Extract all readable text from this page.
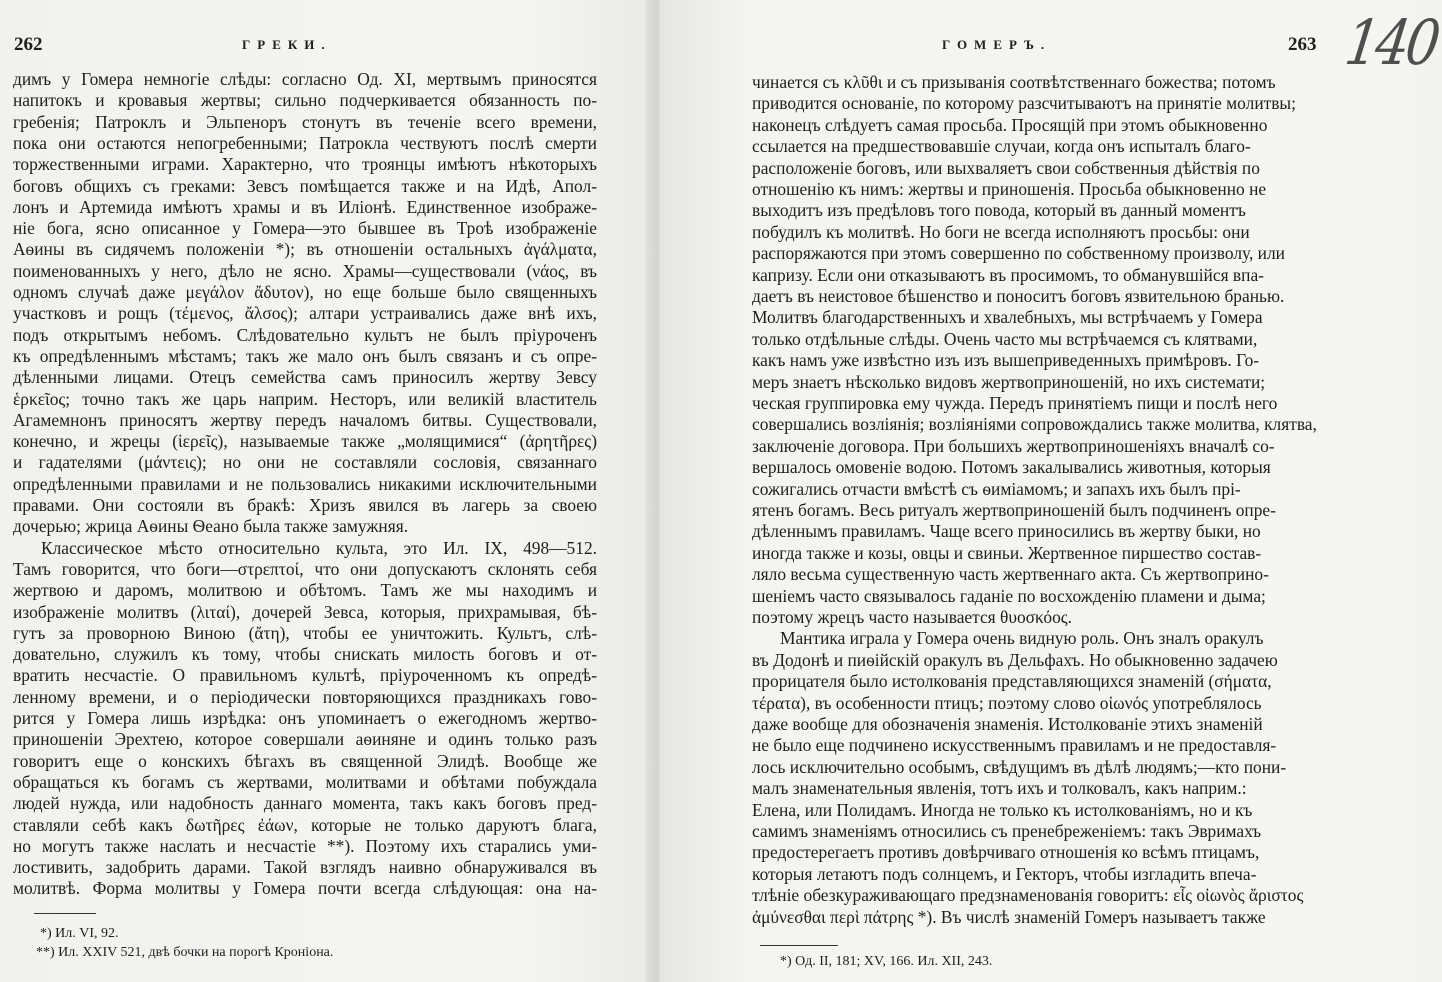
262	ГРЕКИ.
димъ у Гомера немногіе слѣды: согласно Од. XI, мертвымъ приносятся
напитокъ и кровавыя жертвы; сильно подчеркивается обязанность по-
гребенія; Патроклъ и Эльпеноръ стонутъ въ теченіе всего времени,
пока они остаются непогребенными; Патрокла чествуютъ послѣ смерти
торжественными играми. Характерно, что троянцы имѣютъ нѣкоторыхъ
боговъ общихъ съ греками: Зевсъ помѣщается также и на Идѣ, Апол-
лонъ и Артемида имѣютъ храмы и въ Иліонѣ. Единственное изображе-
ніе бога, ясно описанное у Гомера—это бывшее въ Троѣ изображеніе
Аѳины въ сидячемъ положеніи *); въ отношеніи остальныхъ ἀγάλματα,
поименованныхъ у него, дѣло не ясно. Храмы—существовали (νάος, въ
одномъ случаѣ даже μεγάλον ἄδυτον), но еще больше было священныхъ
участковъ и рощъ (τέμενος, ἄλσος); алтари устраивались даже внѣ ихъ,
подъ открытымъ небомъ. Слѣдовательно культъ не былъ пріуроченъ
къ опредѣленнымъ мѣстамъ; такъ же мало онъ былъ связанъ и съ опре-
дѣленными лицами. Отецъ семейства самъ приносилъ жертву Зевсу
ἑρκεῖος; точно такъ же царь наприм. Несторъ, или великій властитель
Агамемнонъ приносятъ жертву передъ началомъ битвы. Существовали,
конечно, и жрецы (ἱερεῖς), называемые также „молящимися“ (ἀρητῆρες)
и гадателями (μάντεις); но они не составляли сословія, связаннаго
опредѣленными правилами и не пользовались никакими исключительными
правами. Они состояли въ бракѣ: Хризъ явился въ лагерь за своею
дочерью; жрица Аѳины Ѳеано была также замужняя.
Классическое мѣсто относительно культа, это Ил. IX, 498—512.
Тамъ говорится, что боги—στρεπτοί, что они допускаютъ склонять себя
жертвою и даромъ, молитвою и обѣтомъ. Тамъ же мы находимъ и
изображеніе молитвъ (λιταί), дочерей Зевса, которыя, прихрамывая, бѣ-
гутъ за проворною Виною (ἄτη), чтобы ее уничтожить. Культъ, слѣ-
довательно, служилъ къ тому, чтобы снискать милость боговъ и от-
вратить несчастіе. О правильномъ культѣ, пріуроченномъ къ опредѣ-
ленному времени, и о періодически повторяющихся праздникахъ гово-
рится у Гомера лишь изрѣдка: онъ упоминаетъ о ежегодномъ жертво-
приношеніи Эрехтею, которое совершали аѳиняне и одинъ только разъ
говоритъ еще о конскихъ бѣгахъ въ священной Элидѣ. Вообще же
обращаться къ богамъ съ жертвами, молитвами и обѣтами побуждала
людей нужда, или надобность даннаго момента, такъ какъ боговъ пред-
ставляли себѣ какъ δωτῆρες ἐάων, которые не только даруютъ блага,
но могутъ также наслать и несчастіе **). Поэтому ихъ старались уми-
лостивить, задобрить дарами. Такой взглядъ наивно обнаруживался въ
молитвѣ. Форма молитвы у Гомера почти всегда слѣдующая: она на-
*) Ил. VI, 92.
**) Ил. XXIV 521, двѣ бочки на порогѣ Кроніона.
ГОМЕРЪ.	263
чинается съ κλῦθι и съ призыванія соотвѣтственнаго божества; потомъ
приводится основаніе, по которому разсчитываютъ на принятіе молитвы;
наконецъ слѣдуетъ самая просьба. Просящій при этомъ обыкновенно
ссылается на предшествовавшіе случаи, когда онъ испыталъ благо-
расположеніе боговъ, или выхваляетъ свои собственныя дѣйствія по
отношенію къ нимъ: жертвы и приношенія. Просьба обыкновенно не
выходитъ изъ предѣловъ того повода, который въ данный моментъ
побудилъ къ молитвѣ. Но боги не всегда исполняютъ просьбы: они
распоряжаются при этомъ совершенно по собственному произволу, или
капризу. Если они отказываютъ въ просимомъ, то обманувшійся впа-
даетъ въ неистовое бѣшенство и поноситъ боговъ язвительною бранью.
Молитвъ благодарственныхъ и хвалебныхъ, мы встрѣчаемъ у Гомера
только отдѣльные слѣды. Очень часто мы встрѣчаемся съ клятвами,
какъ намъ уже извѣстно изъ изъ вышеприведенныхъ примѣровъ. Го-
меръ знаетъ нѣсколько видовъ жертвоприношеній, но ихъ системати;
ческая группировка ему чужда. Передъ принятіемъ пищи и послѣ него
совершались возліянія; возліяніями сопровождались также молитва, клятва,
заключеніе договора. При большихъ жертвоприношеніяхъ вначалѣ со-
вершалось омовеніе водою. Потомъ закалывались животныя, которыя
сожигались отчасти вмѣстѣ съ ѳиміамомъ; и запахъ ихъ былъ прі-
ятенъ богамъ. Весь ритуалъ жертвоприношеній былъ подчиненъ опре-
дѣленнымъ правиламъ. Чаще всего приносились въ жертву быки, но
иногда также и козы, овцы и свиньи. Жертвенное пиршество состав-
ляло весьма существенную часть жертвеннаго акта. Съ жертвоприно-
шеніемъ часто связывалось гаданіе по восхожденію пламени и дыма;
поэтому жрецъ часто называется θυοσκόος.
Мантика играла у Гомера очень видную роль. Онъ зналъ оракулъ
въ Додонѣ и пиѳійскій оракулъ въ Дельфахъ. Но обыкновенно задачею
прорицателя было истолкованія представляющихся знаменій (σήματα,
τέρατα), въ особенности птицъ; поэтому слово οἰωνός употреблялось
даже вообще для обозначенія знаменія. Истолкованіе этихъ знаменій
не было еще подчинено искусственнымъ правиламъ и не предоставля-
лось исключительно особымъ, свѣдущимъ въ дѣлѣ людямъ;—кто пони-
малъ знаменательныя явленія, тотъ ихъ и толковалъ, какъ наприм.:
Елена, или Полидамъ. Иногда не только къ истолкованіямъ, но и къ
самимъ знаменіямъ относились съ пренебреженіемъ: такъ Эвримахъ
предостерегаетъ противъ довѣрчиваго отношенія ко всѣмъ птицамъ,
которыя летаютъ подъ солнцемъ, и Гекторъ, чтобы изгладить впеча-
тлѣніе обезкураживающаго предзнаменованія говоритъ: εἷς οἰωνὸς ἄριστος
ἀμύνεσθαι περὶ πάτρης *). Въ числѣ знаменій Гомеръ называетъ также
*) Од. II, 181; XV, 166. Ил. XII, 243.
140
